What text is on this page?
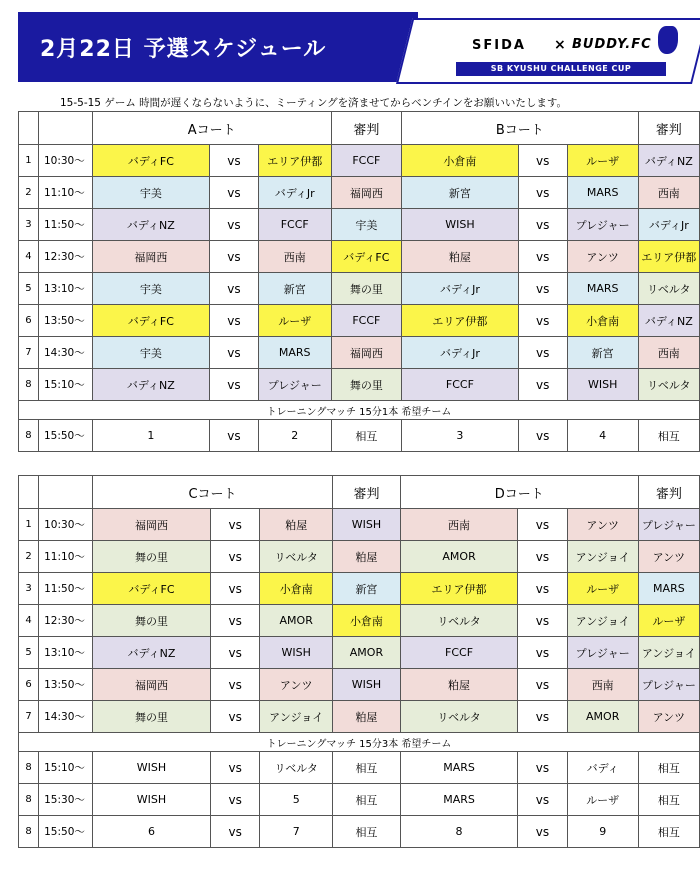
2月22日 予選スケジュール	SFIDA × BUDDY.FC
SB KYUSHU CHALLENGE CUP
15-5-15 ゲーム 時間が遅くならないように、ミーティングを済ませてからベンチインをお願いいたします。
		Aコート			審判	Bコート			審判
1	10:30～	バディFC	vs	エリア伊都	FCCF	小倉南	vs	ルーザ	バディNZ
2	11:10～	宇美	vs	バディJr	福岡西	新宮	vs	MARS	西南
3	11:50～	バディNZ	vs	FCCF	宇美	WISH	vs	プレジャー	バディJr
4	12:30～	福岡西	vs	西南	バディFC	粕屋	vs	アンツ	エリア伊都
5	13:10～	宇美	vs	新宮	舞の里	バディJr	vs	MARS	リベルタ
6	13:50～	バディFC	vs	ルーザ	FCCF	エリア伊都	vs	小倉南	バディNZ
7	14:30～	宇美	vs	MARS	福岡西	バディJr	vs	新宮	西南
8	15:10～	バディNZ	vs	プレジャー	舞の里	FCCF	vs	WISH	リベルタ
トレーニングマッチ 15分1本 希望チーム									
8	15:50～	1	vs	2	相互	3	vs	4	相互
		Cコート			審判	Dコート			審判
1	10:30～	福岡西	vs	粕屋	WISH	西南	vs	アンツ	プレジャー
2	11:10～	舞の里	vs	リベルタ	粕屋	AMOR	vs	アンジョイ	アンツ
3	11:50～	バディFC	vs	小倉南	新宮	エリア伊都	vs	ルーザ	MARS
4	12:30～	舞の里	vs	AMOR	小倉南	リベルタ	vs	アンジョイ	ルーザ
5	13:10～	バディNZ	vs	WISH	AMOR	FCCF	vs	プレジャー	アンジョイ
6	13:50～	福岡西	vs	アンツ	WISH	粕屋	vs	西南	プレジャー
7	14:30～	舞の里	vs	アンジョイ	粕屋	リベルタ	vs	AMOR	アンツ
トレーニングマッチ 15分3本 希望チーム									
8	15:10～	WISH	vs	リベルタ	相互	MARS	vs	バディ	相互
8	15:30～	WISH	vs	5	相互	MARS	vs	ルーザ	相互
8	15:50～	6	vs	7	相互	8	vs	9	相互
